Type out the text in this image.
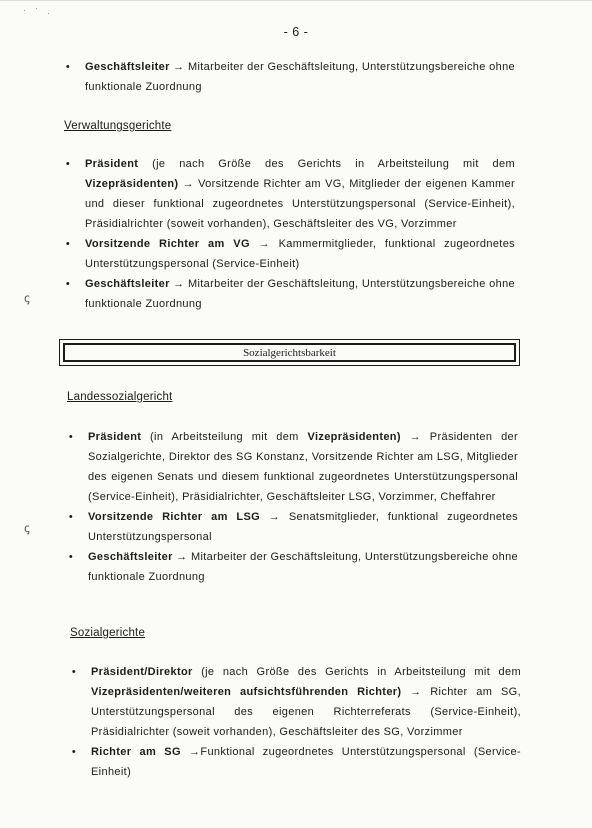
- 6 -
• Geschäftsleiter → Mitarbeiter der Geschäftsleitung, Unterstützungsbereiche ohne funktionale Zuordnung
Verwaltungsgerichte
• Präsident (je nach Größe des Gerichts in Arbeitsteilung mit dem Vizepräsidenten) → Vorsitzende Richter am VG, Mitglieder der eigenen Kammer und dieser funktional zugeordnetes Unterstützungspersonal (Service-Einheit), Präsidialrichter (soweit vorhanden), Geschäftsleiter des VG, Vorzimmer
• Vorsitzende Richter am VG → Kammermitglieder, funktional zugeordnetes Unterstützungspersonal (Service-Einheit)
• Geschäftsleiter → Mitarbeiter der Geschäftsleitung, Unterstützungsbereiche ohne funktionale Zuordnung
ꞔ
Sozialgerichtsbarkeit
Landessozialgericht
• Präsident (in Arbeitsteilung mit dem Vizepräsidenten) → Präsidenten der Sozialgerichte, Direktor des SG Konstanz, Vorsitzende Richter am LSG, Mitglieder des eigenen Senats und diesem funktional zugeordnetes Unterstützungspersonal (Service-Einheit), Präsidialrichter, Geschäftsleiter LSG, Vorzimmer, Cheffahrer
• Vorsitzende Richter am LSG → Senatsmitglieder, funktional zugeordnetes Unterstützungspersonal
• Geschäftsleiter → Mitarbeiter der Geschäftsleitung, Unterstützungsbereiche ohne funktionale Zuordnung
ꞔ
Sozialgerichte
• Präsident/Direktor (je nach Größe des Gerichts in Arbeitsteilung mit dem Vizepräsidenten/weiteren aufsichtsführenden Richter) → Richter am SG, Unterstützungspersonal des eigenen Richterreferats (Service-Einheit), Präsidialrichter (soweit vorhanden), Geschäftsleiter des SG, Vorzimmer
• Richter am SG →Funktional zugeordnetes Unterstützungspersonal (Service-Einheit)
